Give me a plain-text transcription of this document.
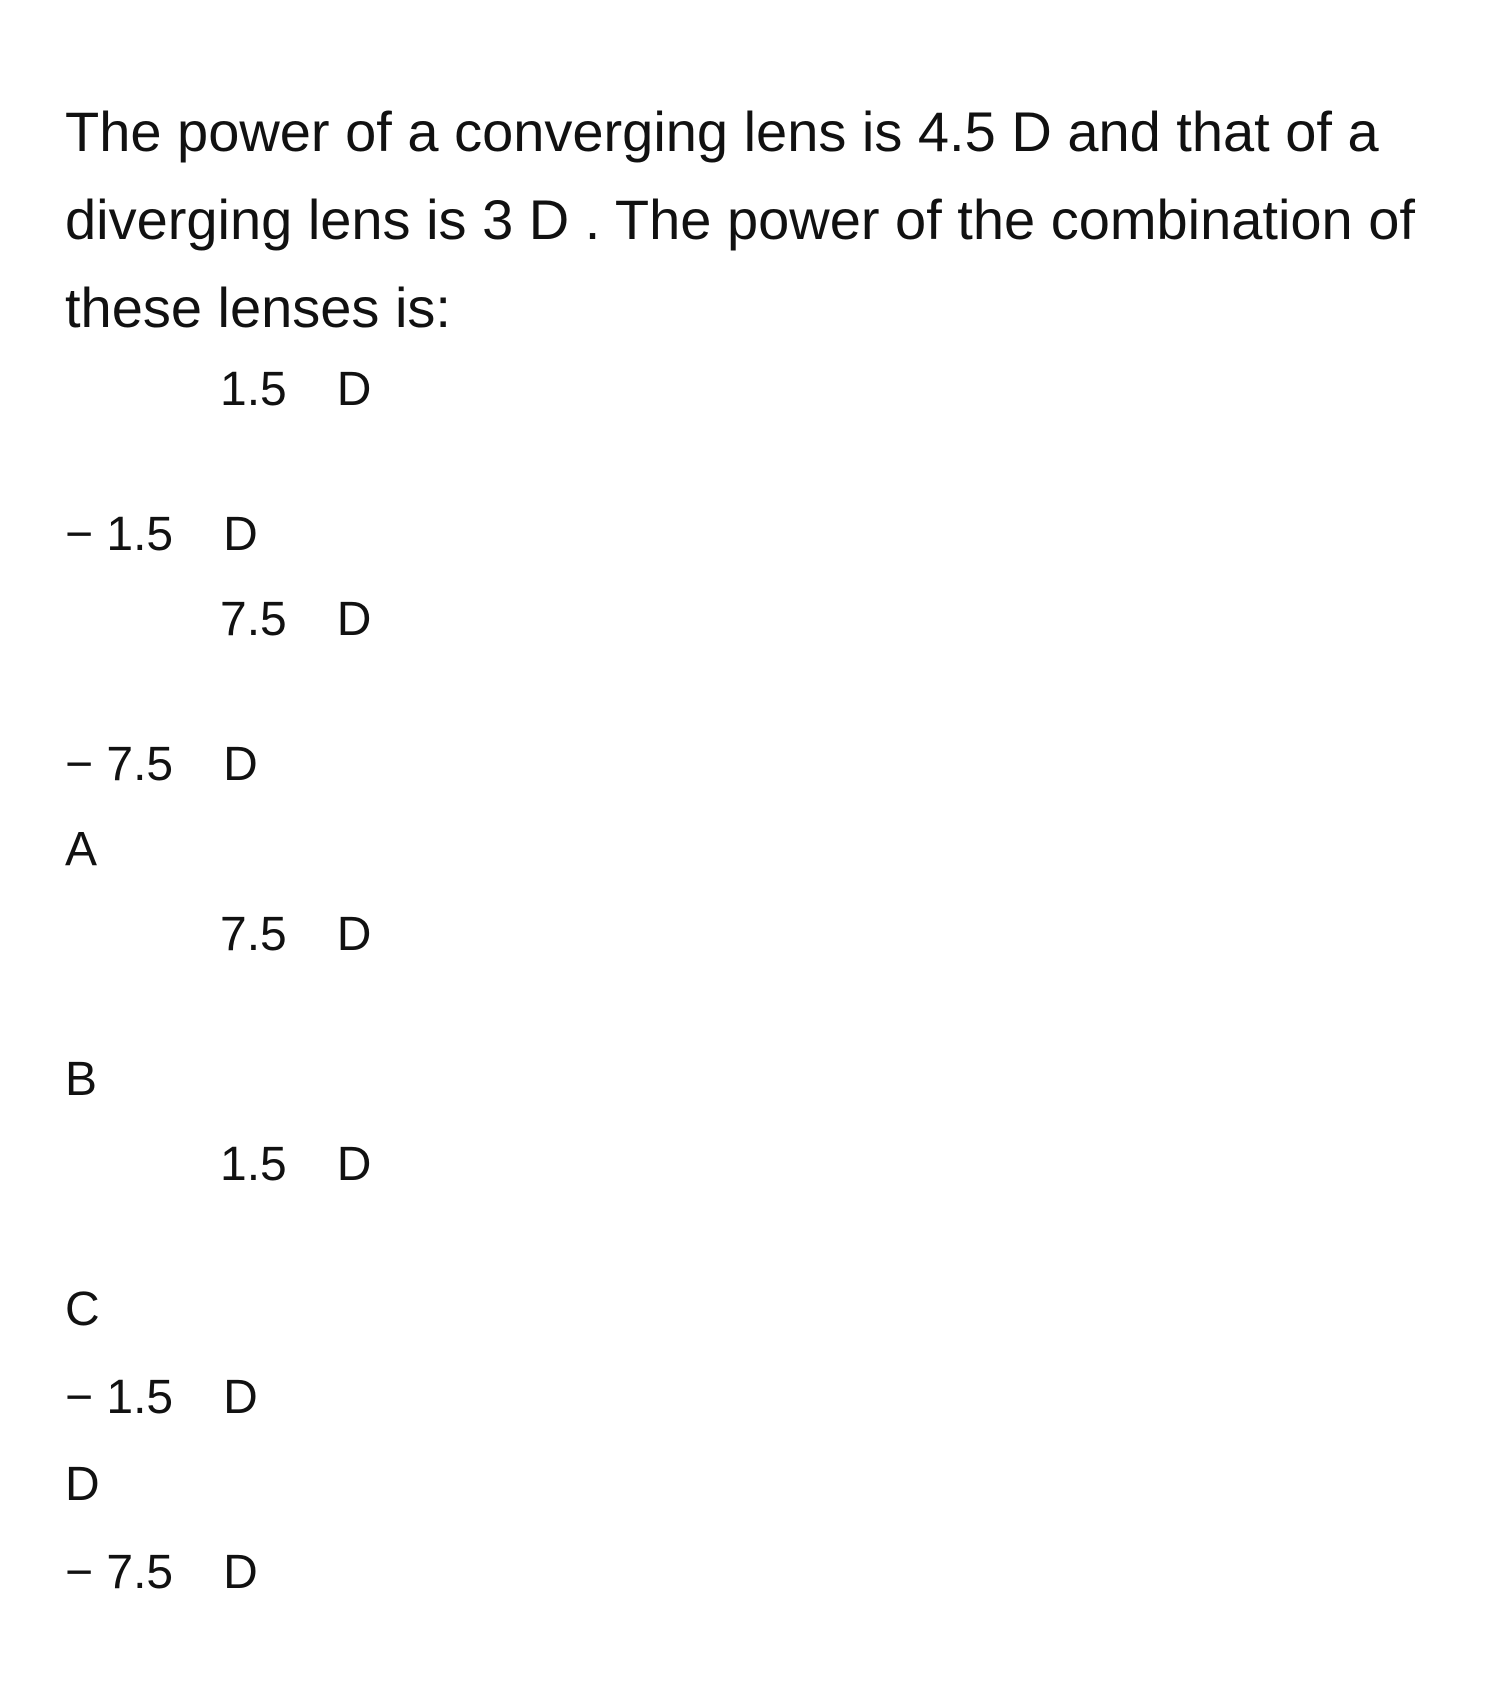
The power of a converging lens is 4.5 D and that of a diverging lens is 3 D . The power of the combination of these lenses is:

1.5 D
− 1.5 D
7.5 D
− 7.5 D
A
7.5 D
B
1.5 D
C
− 1.5 D
D
− 7.5 D
